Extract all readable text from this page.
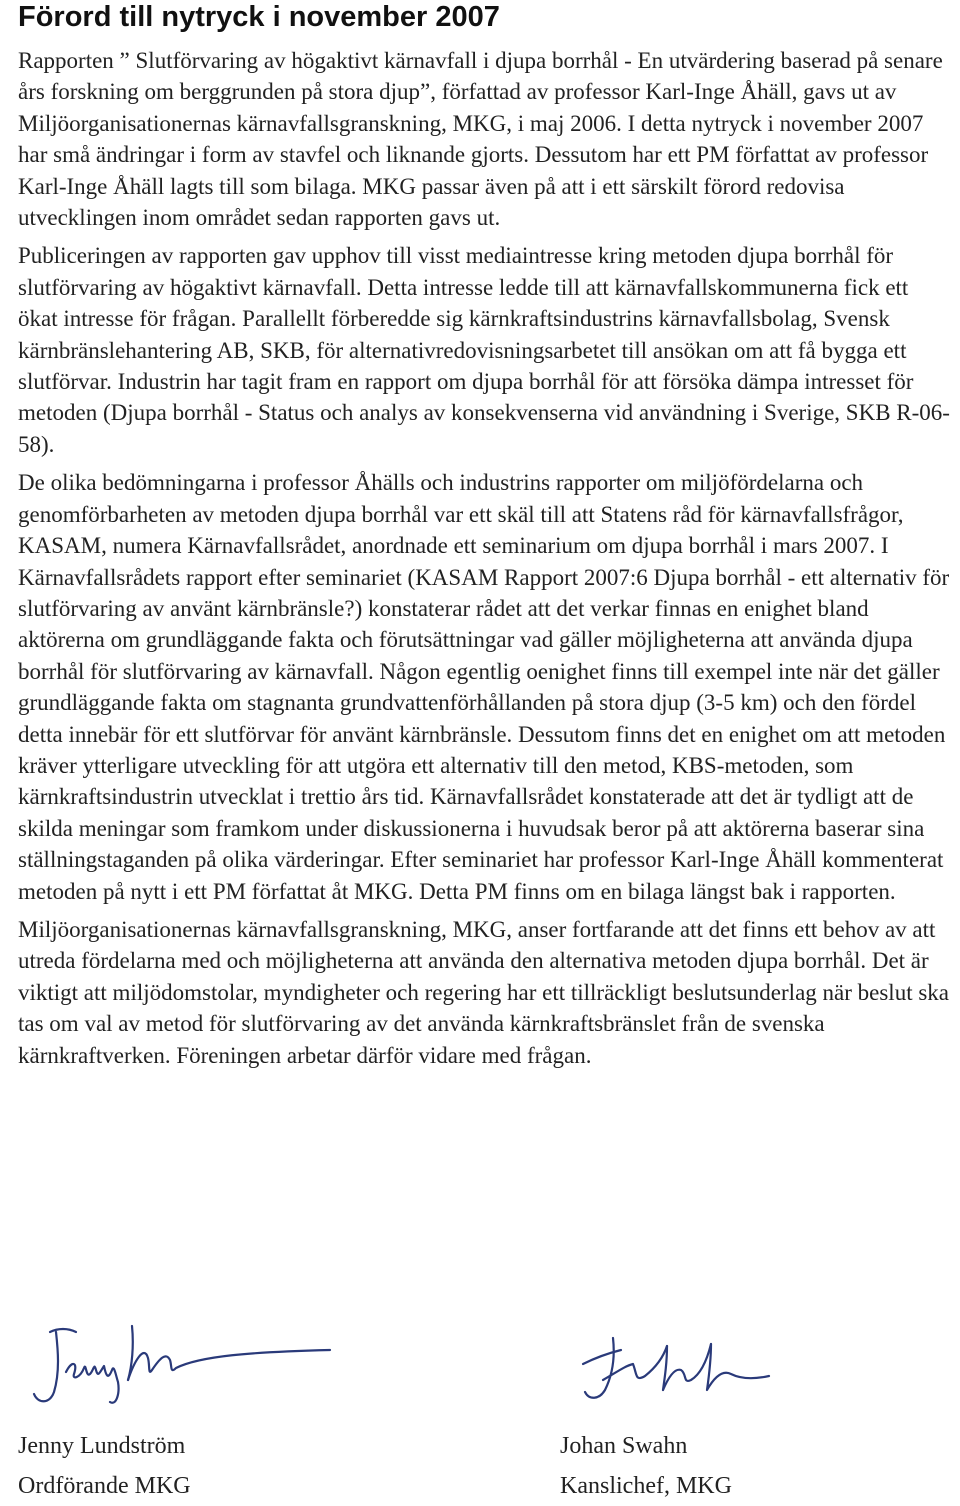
Förord till nytryck i november 2007

Rapporten ” Slutförvaring av högaktivt kärnavfall i djupa borrhål - En utvärdering baserad på senare års forskning om berggrunden på stora djup”, författad av professor Karl-Inge Åhäll, gavs ut av Miljöorganisationernas kärnavfallsgranskning, MKG, i maj 2006. I detta nytryck i november 2007 har små ändringar i form av stavfel och liknande gjorts. Dessutom har ett PM författat av professor Karl-Inge Åhäll lagts till som bilaga. MKG passar även på att i ett särskilt förord redovisa utvecklingen inom området sedan rapporten gavs ut.

Publiceringen av rapporten gav upphov till visst mediaintresse kring metoden djupa borrhål för slutförvaring av högaktivt kärnavfall. Detta intresse ledde till att kärnavfallskommunerna fick ett ökat intresse för frågan. Parallellt förberedde sig kärnkraftsindustrins kärnavfallsbolag, Svensk kärnbränslehantering AB, SKB, för alternativredovisningsarbetet till ansökan om att få bygga ett slutförvar. Industrin har tagit fram en rapport om djupa borrhål för att försöka dämpa intresset för metoden (Djupa borrhål - Status och analys av konsekvenserna vid användning i Sverige, SKB R-06-58).

De olika bedömningarna i professor Åhälls och industrins rapporter om miljöfördelarna och genomförbarheten av metoden djupa borrhål var ett skäl till att Statens råd för kärnavfallsfrågor, KASAM, numera Kärnavfallsrådet, anordnade ett seminarium om djupa borrhål i mars 2007. I Kärnavfallsrådets rapport efter seminariet (KASAM Rapport 2007:6 Djupa borrhål - ett alternativ för slutförvaring av använt kärnbränsle?) konstaterar rådet att det verkar finnas en enighet bland aktörerna om grundläggande fakta och förutsättningar vad gäller möjligheterna att använda djupa borrhål för slutförvaring av kärnavfall. Någon egentlig oenighet finns till exempel inte när det gäller grundläggande fakta om stagnanta grundvattenförhållanden på stora djup (3-5 km) och den fördel detta innebär för ett slutförvar för använt kärnbränsle. Dessutom finns det en enighet om att metoden kräver ytterligare utveckling för att utgöra ett alternativ till den metod, KBS-metoden, som kärnkraftsindustrin utvecklat i trettio års tid. Kärnavfallsrådet konstaterade att det är tydligt att de skilda meningar som framkom under diskussionerna i huvudsak beror på att aktörerna baserar sina ställningstaganden på olika värderingar. Efter seminariet har professor Karl-Inge Åhäll kommenterat metoden på nytt i ett PM författat åt MKG. Detta PM finns om en bilaga längst bak i rapporten.

Miljöorganisationernas kärnavfallsgranskning, MKG, anser fortfarande att det finns ett behov av att utreda fördelarna med och möjligheterna att använda den alternativa metoden djupa borrhål. Det är viktigt att miljödomstolar, myndigheter och regering har ett tillräckligt beslutsunderlag när beslut ska tas om val av metod för slutförvaring av det använda kärnkraftsbränslet från de svenska kärnkraftverken. Föreningen arbetar därför vidare med frågan.

Jenny Lundström
Ordförande MKG
Johan Swahn
Kanslichef, MKG
